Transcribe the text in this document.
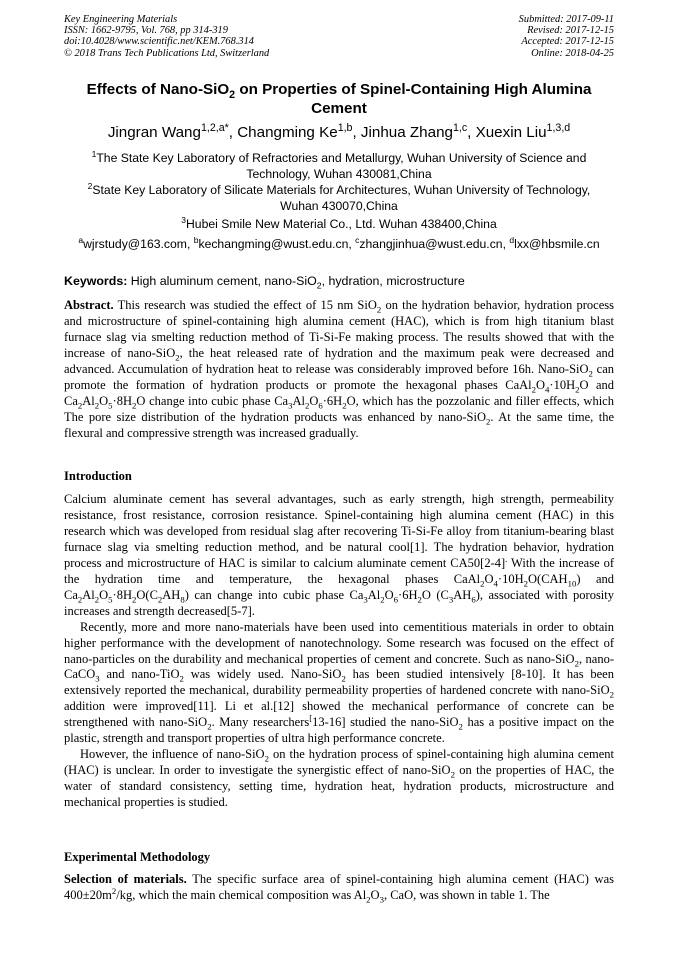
Key Engineering Materials
ISSN: 1662-9795, Vol. 768, pp 314-319
doi:10.4028/www.scientific.net/KEM.768.314
© 2018 Trans Tech Publications Ltd, Switzerland
Submitted: 2017-09-11
Revised: 2017-12-15
Accepted: 2017-12-15
Online: 2018-04-25
Effects of Nano-SiO$_2$ on Properties of Spinel-Containing High Alumina
Cement
Jingran Wang$^{1,2,a*}$, Changming Ke$^{1,b}$, Jinhua Zhang$^{1,c}$, Xuexin Liu$^{1,3,d}$
$^1$The State Key Laboratory of Refractories and Metallurgy, Wuhan University of Science and
Technology, Wuhan 430081,China
$^2$State Key Laboratory of Silicate Materials for Architectures, Wuhan University of Technology,
Wuhan 430070,China
$^3$Hubei Smile New Material Co., Ltd. Wuhan 438400,China
$^a$wjrstudy@163.com, $^b$kechangming@wust.edu.cn, $^c$zhangjinhua@wust.edu.cn, $^d$lxx@hbsmile.cn
Keywords: High aluminum cement, nano-SiO$_2$, hydration, microstructure

Abstract. This research was studied the effect of 15 nm SiO$_2$ on the hydration behavior, hydration process and microstructure of spinel-containing high alumina cement (HAC), which is from high titanium blast furnace slag via smelting reduction method of Ti-Si-Fe making process. The results showed that with the increase of nano-SiO$_2$, the heat released rate of hydration and the maximum peak were decreased and advanced. Accumulation of hydration heat to release was considerably improved before 16h. Nano-SiO$_2$ can promote the formation of hydration products or promote the hexagonal phases $CaAl_2O_4\cdot 10H_2O$ and $Ca_2Al_2O_5\cdot 8H_2O$ change into cubic phase $Ca_3Al_2O_6\cdot 6H_2O$, which has the pozzolanic and filler effects, which The pore size distribution of the hydration products was enhanced by nano-SiO$_2$. At the same time, the flexural and compressive strength was increased gradually.

Introduction

Calcium aluminate cement has several advantages, such as early strength, high strength, permeability resistance, frost resistance, corrosion resistance. Spinel-containing high alumina cement (HAC) in this research which was developed from residual slag after recovering Ti-Si-Fe alloy from titanium-bearing blast furnace slag via smelting reduction method, and be natural cool[1]. The hydration behavior, hydration process and microstructure of HAC is similar to calcium aluminate cement CA50[2-4]. With the increase of the hydration time and temperature, the hexagonal phases $CaAl_2O_4\cdot 10H_2O(CAH_{10})$ and $Ca_2Al_2O_5\cdot 8H_2O(C_2AH_8)$ can change into cubic phase $Ca_3Al_2O_6\cdot 6H_2O$ $(C_3AH_6)$, associated with porosity increases and strength decreased[5-7].

Recently, more and more nano-materials have been used into cementitious materials in order to obtain higher performance with the development of nanotechnology. Some research was focused on the effect of nano-particles on the durability and mechanical properties of cement and concrete. Such as nano-SiO$_2$, nano-CaCO$_3$ and nano-TiO$_2$ was widely used. Nano-SiO$_2$ has been studied intensively [8-10]. It has been extensively reported the mechanical, durability permeability properties of hardened concrete with nano-SiO$_2$ addition were improved[11]. Li et al.[12] showed the mechanical performance of concrete can be strengthened with nano-SiO$_2$. Many researchers[13-16] studied the nano-SiO$_2$ has a positive impact on the plastic, strength and transport properties of ultra high performance concrete.

However, the influence of nano-SiO$_2$ on the hydration process of spinel-containing high alumina cement (HAC) is unclear. In order to investigate the synergistic effect of nano-SiO$_2$ on the properties of HAC, the water of standard consistency, setting time, hydration heat, hydration products, microstructure and mechanical properties is studied.

Experimental Methodology

Selection of materials. The specific surface area of spinel-containing high alumina cement (HAC) was $400\pm 20m^2/kg$, which the main chemical composition was $Al_2O_3$, CaO, was shown in table 1. The
